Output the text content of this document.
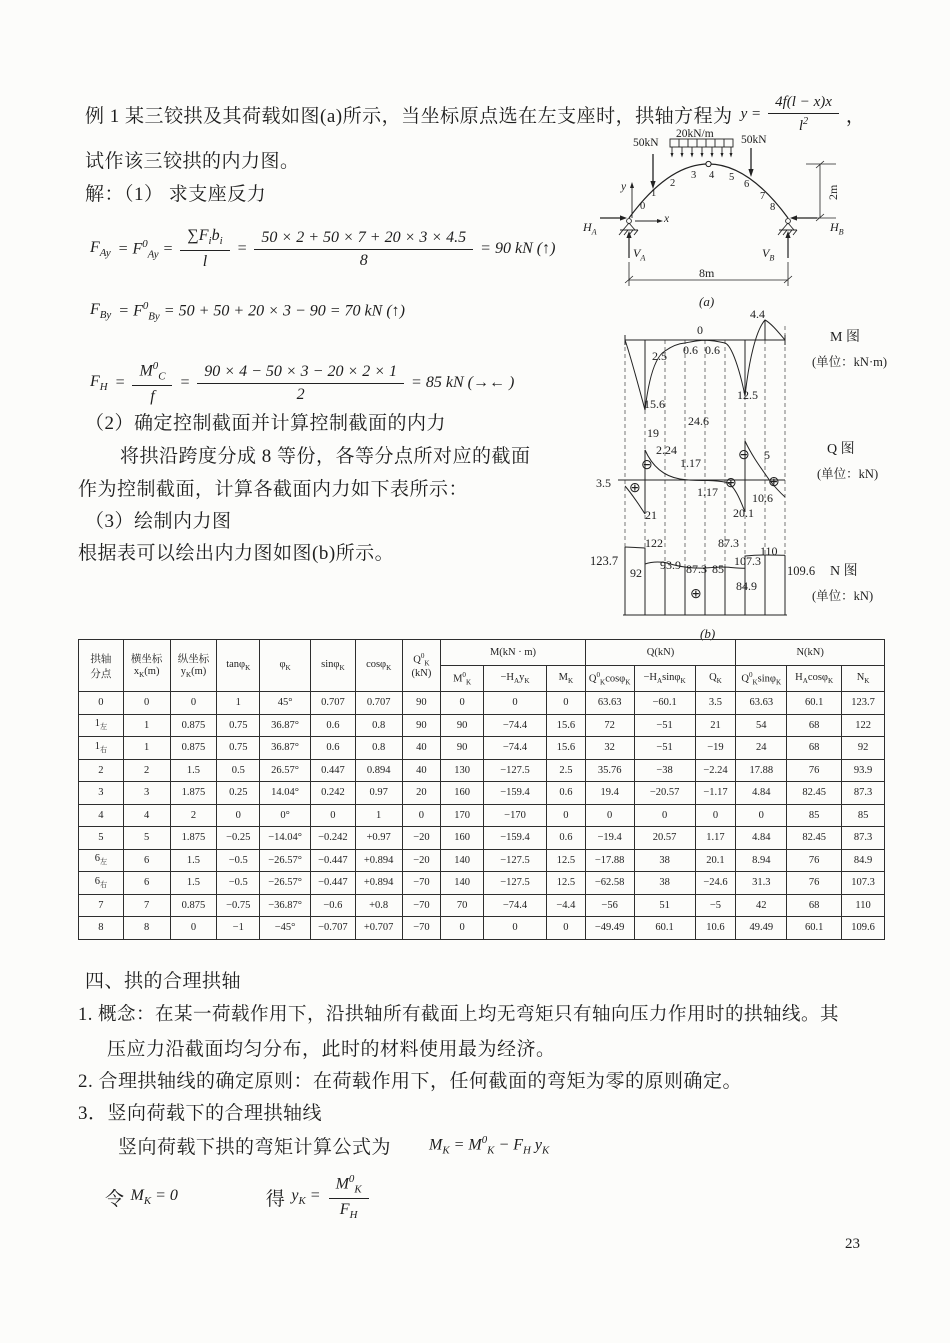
例 1 某三铰拱及其荷载如图(a)所示，当坐标原点选在左支座时，拱轴方程为 $y = \frac{4f(l - x)x}{l^2}$ ，
试作该三铰拱的内力图。
解：（1） 求支座反力
$F_{Ay} = F^0_{Ay} = \frac{\sum F_ib_i}{l} = \frac{50 \times 2 + 50 \times 7 + 20 \times 3 \times 4.5}{8} = 90$ kN (↑)
$F_{By} = F^0_{By} = 50 + 50 + 20 \times 3 - 90 = 70$ kN (↑)
$F_H = \frac{M^0_C}{f} = \frac{90 \times 4 - 50 \times 3 - 20 \times 2 \times 1}{2} = 85$ kN (→← )
（2）确定控制截面并计算控制截面的内力
将拱沿跨度分成 8 等份，各等分点所对应的截面
作为控制截面，计算各截面内力如下表所示：
（3）绘制内力图
根据表可以绘出内力图如图(b)所示。
50kN
20kN/m 50kN
y
x
0
1
2
3 4 5
6
7
8
$H_A$	$H_B$
$V_A$	$V_B$
8m
2m
(a)
0
4.4
2.5 0.6 0.6
15.6
12.5
M 图
(单位：kN·m)
19
2.24
1.17
24.6
5
⊖
⊖
3.5 ⊕
21
1.17
⊕
20.1
10.6
⊕
Q 图
(单位：kN)
122	87.3
110
123.7
92
93.9 87.3 85
107.3
84.9
109.6
⊕
N 图
(单位：kN)
(b)
拱轴
分点	横坐标
$x_K(m)$	纵坐标
$y_K(m)$	tanφ$_K$	$\varphi_K$	sinφ$_K$	cosφ$_K$	$Q^0_K$
(kN)	M(kN · m)			Q(kN)			N(kN)		
								$M^0_K$	$-H_Ay_K$	$M_K$	$Q^0_K\cos\varphi_K$	$-H_A\sin\varphi_K$	$Q_K$	$Q^0_K\sin\varphi_K$	$H_A\cos\varphi_K$	$N_K$
0	0	0	1	45°	0.707	0.707	90	0	0	0	63.63	−60.1	3.5	63.63	60.1	123.7
$1_左$	1	0.875	0.75	36.87°	0.6	0.8	90	90	−74.4	15.6	72	−51	21	54	68	122
$1_右$	1	0.875	0.75	36.87°	0.6	0.8	40	90	−74.4	15.6	32	−51	−19	24	68	92
2	2	1.5	0.5	26.57°	0.447	0.894	40	130	−127.5	2.5	35.76	−38	−2.24	17.88	76	93.9
3	3	1.875	0.25	14.04°	0.242	0.97	20	160	−159.4	0.6	19.4	−20.57	−1.17	4.84	82.45	87.3
4	4	2	0	0°	0	1	0	170	−170	0	0	0	0	0	85	85
5	5	1.875	−0.25	−14.04°	−0.242	+0.97	−20	160	−159.4	0.6	−19.4	20.57	1.17	4.84	82.45	87.3
$6_左$	6	1.5	−0.5	−26.57°	−0.447	+0.894	−20	140	−127.5	12.5	−17.88	38	20.1	8.94	76	84.9
$6_右$	6	1.5	−0.5	−26.57°	−0.447	+0.894	−70	140	−127.5	12.5	−62.58	38	−24.6	31.3	76	107.3
7	7	0.875	−0.75	−36.87°	−0.6	+0.8	−70	70	−74.4	−4.4	−56	51	−5	42	68	110
8	8	0	−1	−45°	−0.707	+0.707	−70	0	0	0	−49.49	60.1	10.6	49.49	60.1	109.6
四、拱的合理拱轴
1. 概念：在某一荷载作用下，沿拱轴所有截面上均无弯矩只有轴向压力作用时的拱轴线。其
压应力沿截面均匀分布，此时的材料使用最为经济。
2. 合理拱轴线的确定原则：在荷载作用下，任何截面的弯矩为零的原则确定。
3．竖向荷载下的合理拱轴线
竖向荷载下拱的弯矩计算公式为 $M_K = M^0_K - F_H$ $y_K$
令 $M_K = 0$	得 $y_K = \frac{M^0_K}{F_H}$
23
